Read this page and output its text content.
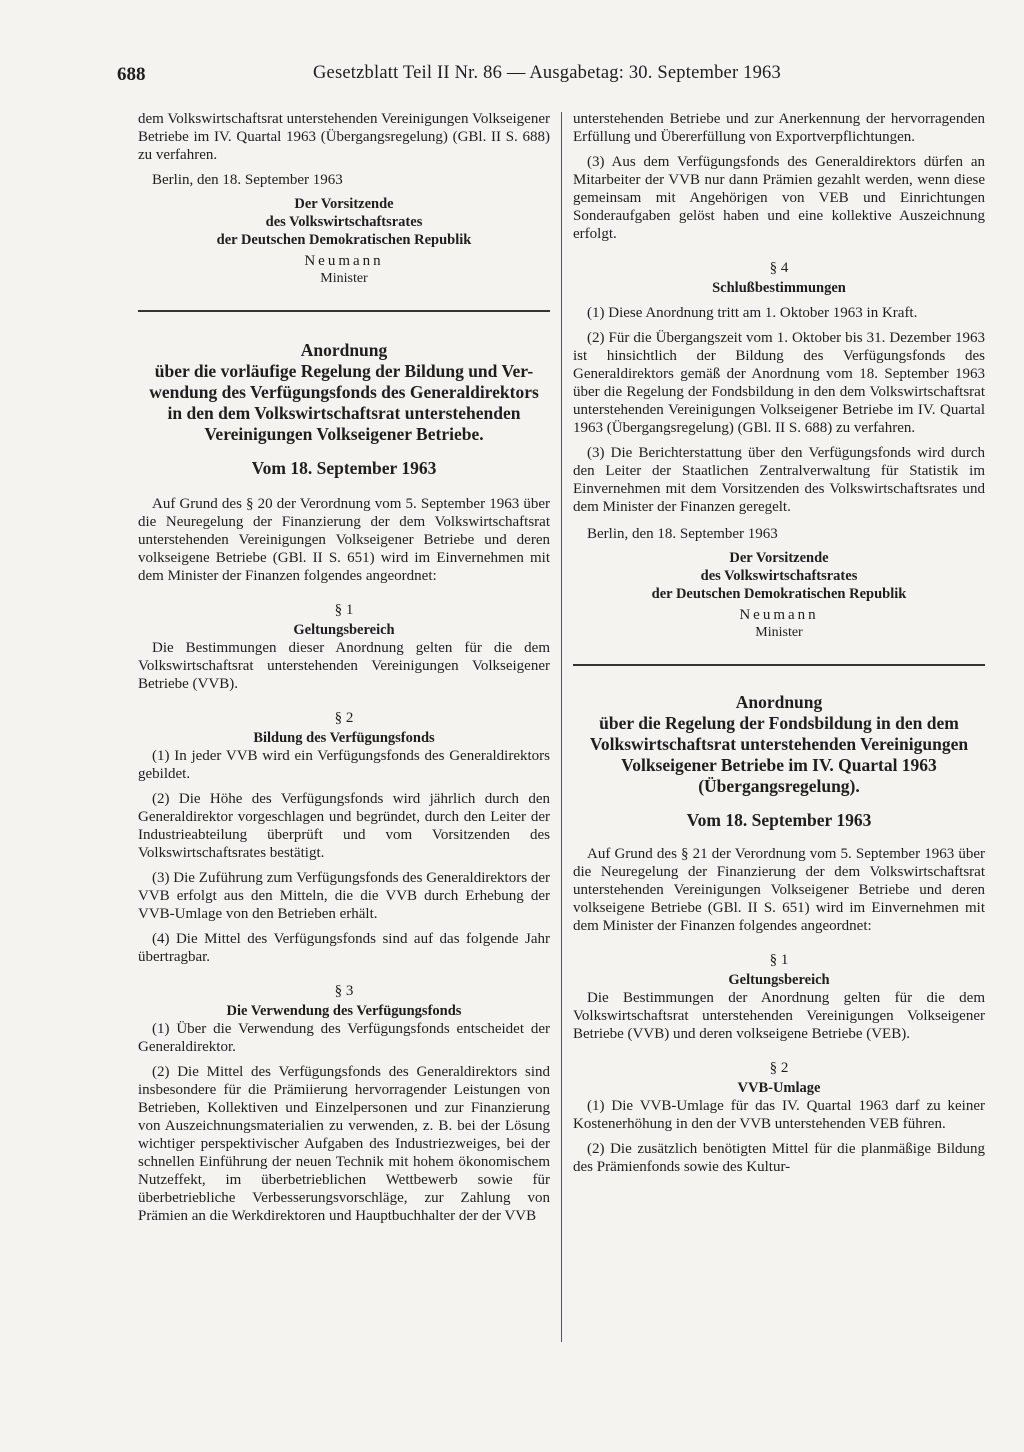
688	Gesetzblatt Teil II Nr. 86 — Ausgabetag: 30. September 1963

dem Volkswirtschaftsrat unterstehenden Vereinigungen Volkseigener Betriebe im IV. Quartal 1963 (Übergangsregelung) (GBl. II S. 688) zu verfahren.

Berlin, den 18. September 1963

Der Vorsitzende
des Volkswirtschaftsrates
der Deutschen Demokratischen Republik
Neumann
Minister
Anordnung
über die vorläufige Regelung der Bildung und Ver-
wendung des Verfügungsfonds des Generaldirektors
in den dem Volkswirtschaftsrat unterstehenden
Vereinigungen Volkseigener Betriebe.
Vom 18. September 1963

Auf Grund des § 20 der Verordnung vom 5. September 1963 über die Neuregelung der Finanzierung der dem Volkswirtschaftsrat unterstehenden Vereinigungen Volkseigener Betriebe und deren volkseigene Betriebe (GBl. II S. 651) wird im Einvernehmen mit dem Minister der Finanzen folgendes angeordnet:

§ 1
Geltungsbereich

Die Bestimmungen dieser Anordnung gelten für die dem Volkswirtschaftsrat unterstehenden Vereinigungen Volkseigener Betriebe (VVB).

§ 2
Bildung des Verfügungsfonds

(1) In jeder VVB wird ein Verfügungsfonds des Generaldirektors gebildet.

(2) Die Höhe des Verfügungsfonds wird jährlich durch den Generaldirektor vorgeschlagen und begründet, durch den Leiter der Industrieabteilung überprüft und vom Vorsitzenden des Volkswirtschaftsrates bestätigt.

(3) Die Zuführung zum Verfügungsfonds des Generaldirektors der VVB erfolgt aus den Mitteln, die die VVB durch Erhebung der VVB-Umlage von den Betrieben erhält.

(4) Die Mittel des Verfügungsfonds sind auf das folgende Jahr übertragbar.

§ 3
Die Verwendung des Verfügungsfonds

(1) Über die Verwendung des Verfügungsfonds entscheidet der Generaldirektor.

(2) Die Mittel des Verfügungsfonds des Generaldirektors sind insbesondere für die Prämiierung hervorragender Leistungen von Betrieben, Kollektiven und Einzelpersonen und zur Finanzierung von Auszeichnungsmaterialien zu verwenden, z. B. bei der Lösung wichtiger perspektivischer Aufgaben des Industriezweiges, bei der schnellen Einführung der neuen Technik mit hohem ökonomischem Nutzeffekt, im überbetrieblichen Wettbewerb sowie für überbetriebliche Verbesserungsvorschläge, zur Zahlung von Prämien an die Werkdirektoren und Hauptbuchhalter der der VVB

unterstehenden Betriebe und zur Anerkennung der hervorragenden Erfüllung und Übererfüllung von Exportverpflichtungen.

(3) Aus dem Verfügungsfonds des Generaldirektors dürfen an Mitarbeiter der VVB nur dann Prämien gezahlt werden, wenn diese gemeinsam mit Angehörigen von VEB und Einrichtungen Sonderaufgaben gelöst haben und eine kollektive Auszeichnung erfolgt.

§ 4
Schlußbestimmungen

(1) Diese Anordnung tritt am 1. Oktober 1963 in Kraft.

(2) Für die Übergangszeit vom 1. Oktober bis 31. Dezember 1963 ist hinsichtlich der Bildung des Verfügungsfonds des Generaldirektors gemäß der Anordnung vom 18. September 1963 über die Regelung der Fondsbildung in den dem Volkswirtschaftsrat unterstehenden Vereinigungen Volkseigener Betriebe im IV. Quartal 1963 (Übergangsregelung) (GBl. II S. 688) zu verfahren.

(3) Die Berichterstattung über den Verfügungsfonds wird durch den Leiter der Staatlichen Zentralverwaltung für Statistik im Einvernehmen mit dem Vorsitzenden des Volkswirtschaftsrates und dem Minister der Finanzen geregelt.

Berlin, den 18. September 1963

Der Vorsitzende
des Volkswirtschaftsrates
der Deutschen Demokratischen Republik
Neumann
Minister
Anordnung
über die Regelung der Fondsbildung in den dem
Volkswirtschaftsrat unterstehenden Vereinigungen
Volkseigener Betriebe im IV. Quartal 1963
(Übergangsregelung).
Vom 18. September 1963

Auf Grund des § 21 der Verordnung vom 5. September 1963 über die Neuregelung der Finanzierung der dem Volkswirtschaftsrat unterstehenden Vereinigungen Volkseigener Betriebe und deren volkseigene Betriebe (GBl. II S. 651) wird im Einvernehmen mit dem Minister der Finanzen folgendes angeordnet:

§ 1
Geltungsbereich

Die Bestimmungen der Anordnung gelten für die dem Volkswirtschaftsrat unterstehenden Vereinigungen Volkseigener Betriebe (VVB) und deren volkseigene Betriebe (VEB).

§ 2
VVB-Umlage

(1) Die VVB-Umlage für das IV. Quartal 1963 darf zu keiner Kostenerhöhung in den der VVB unterstehenden VEB führen.

(2) Die zusätzlich benötigten Mittel für die planmäßige Bildung des Prämienfonds sowie des Kultur-
